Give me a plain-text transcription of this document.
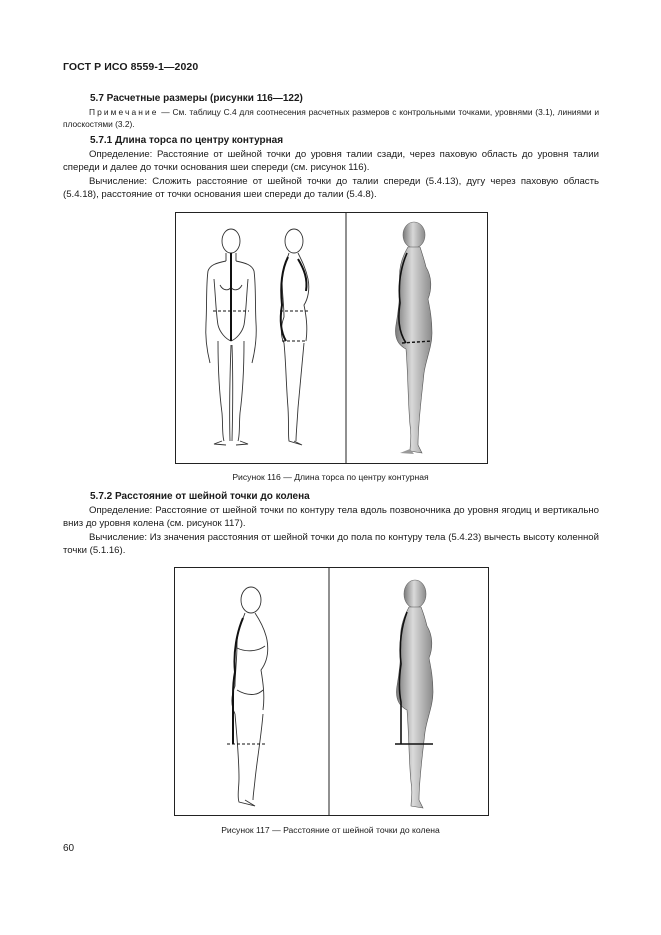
ГОСТ Р ИСО 8559-1—2020
5.7 Расчетные размеры (рисунки 116—122)
Примечание — См. таблицу С.4 для соотнесения расчетных размеров с контрольными точками, уровнями (3.1), линиями и плоскостями (3.2).
5.7.1 Длина торса по центру контурная
Определение: Расстояние от шейной точки до уровня талии сзади, через паховую область до уровня талии спереди и далее до точки основания шеи спереди (см. рисунок 116).
Вычисление: Сложить расстояние от шейной точки до талии спереди (5.4.13), дугу через паховую область (5.4.18), расстояние от точки основания шеи спереди до талии (5.4.8).
Рисунок 116 — Длина торса по центру контурная
5.7.2 Расстояние от шейной точки до колена
Определение: Расстояние от шейной точки по контуру тела вдоль позвоночника до уровня ягодиц и вертикально вниз до уровня колена (см. рисунок 117).
Вычисление: Из значения расстояния от шейной точки до пола по контуру тела (5.4.23) вычесть высоту коленной точки (5.1.16).
Рисунок 117 — Расстояние от шейной точки до колена
60
